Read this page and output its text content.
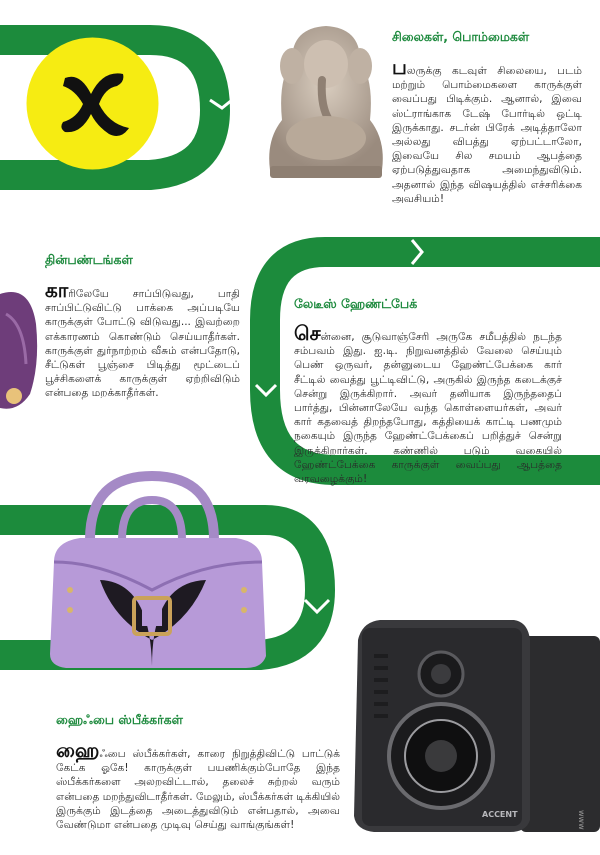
ACCENT

சிலைகள், பொம்மைகள்

பலருக்கு கடவுள் சிலையை, படம் மற்றும் பொம்மைகளை காருக்குள் வைப்பது பிடிக்கும். ஆனால், இவை ஸ்ட்ராங்காக டேஷ் போர்டில் ஒட்டி இருக்காது. சடர்ன் பிரேக் அடித்தாலோ அல்லது விபத்து ஏற்பட்டாலோ, இவையே சில சமயம் ஆபத்தை ஏற்படுத்துவதாக அமைந்துவிடும். அதனால் இந்த விஷயத்தில் எச்சரிக்கை அவசியம்!

தின்பண்டங்கள்

காரிலேயே சாப்பிடுவது, பாதி சாப்பிட்டுவிட்டு பாக்கை அப்படியே காருக்குள் போட்டு விடுவது... இவற்றை எக்காரணம் கொண்டும் செய்யாதீர்கள். காருக்குள் துர்நாற்றம் வீசும் என்பதோடு, சீட்டுகள் பூஞ்சை பிடித்து மூட்டைப் பூச்சிகளைக் காருக்குள் ஏற்றிவிடும் என்பதை மறக்காதீர்கள்.

லேடீஸ் ஹேண்ட்பேக்

சென்னை, சூடுவாஞ்சேரி அருகே சமீபத்தில் நடந்த சம்பவம் இது. ஐ.டி. நிறுவனத்தில் வேலை செய்யும் பெண் ஒருவர், தன்னுடைய ஹேண்ட்பேக்கை கார் சீட்டில் வைத்து பூட்டிவிட்டு, அருகில் இருந்த கடைக்குச் சென்று இருக்கிறார். அவர் தனியாக இருந்ததைப் பார்த்து, பின்னாலேயே வந்த கொள்ளையர்கள், அவர் கார் கதவைத் திறந்தபோது, கத்தியைக் காட்டி பணமும் நகையும் இருந்த ஹேண்ட்பேக்கைப் பறித்துச் சென்று இருக்கிறார்கள். கண்ணில் படும் வகையில் ஹேண்ட்பேக்கை காருக்குள் வைப்பது ஆபத்தை வரவழைக்கும்!

ஹைஃபை ஸ்பீக்கர்கள்

ஹைஃபை ஸ்பீக்கர்கள், காரை நிறுத்திவிட்டு பாட்டுக் கேட்க ஓகே! காருக்குள் பயணிக்கும்போதே இந்த ஸ்பீக்கர்களை அலறவிட்டால், தலைச் சுற்றல் வரும் என்பதை மறந்துவிடாதீர்கள். மேலும், ஸ்பீக்கர்கள் டிக்கியில் இருக்கும் இடத்தை அடைத்துவிடும் என்பதால், அவை வேண்டுமா என்பதை முடிவு செய்து வாங்குங்கள்!	www
